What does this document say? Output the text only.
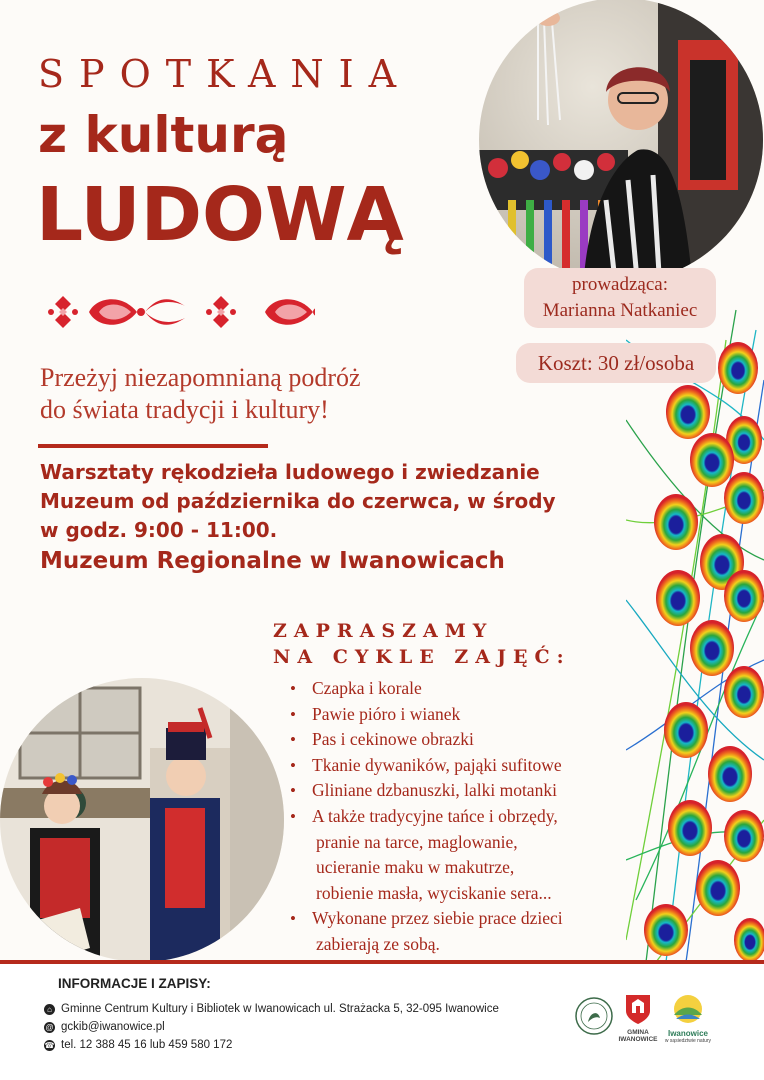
SPOTKANIA
z kulturą
LUDOWĄ
prowadząca:
Marianna Natkaniec
Koszt: 30 zł/osoba
Przeżyj niezapomnianą podróż
do świata tradycji i kultury!
Warsztaty rękodzieła ludowego i zwiedzanie
Muzeum od października do czerwca, w środy
w godz. 9:00 - 11:00.
Muzeum Regionalne w Iwanowicach
ZAPRASZAMY
NA CYKLE ZAJĘĆ:
• Czapka i korale
• Pawie pióro i wianek
• Pas i cekinowe obrazki
• Tkanie dywaników, pająki sufitowe
• Gliniane dzbanuszki, lalki motanki
• A także tradycyjne tańce i obrzędy,
pranie na tarce, maglowanie,
ucieranie maku w makutrze,
robienie masła, wyciskanie sera...
• Wykonane przez siebie prace dzieci
zabierają ze sobą.
INFORMACJE I ZAPISY:
⌂ Gminne Centrum Kultury i Bibliotek w Iwanowicach ul. Strażacka 5, 32-095 Iwanowice
@ gckib@iwanowice.pl
☎ tel. 12 388 45 16 lub 459 580 172
GMINA
IWANOWICE
Iwanowice
w sąsiedztwie natury
